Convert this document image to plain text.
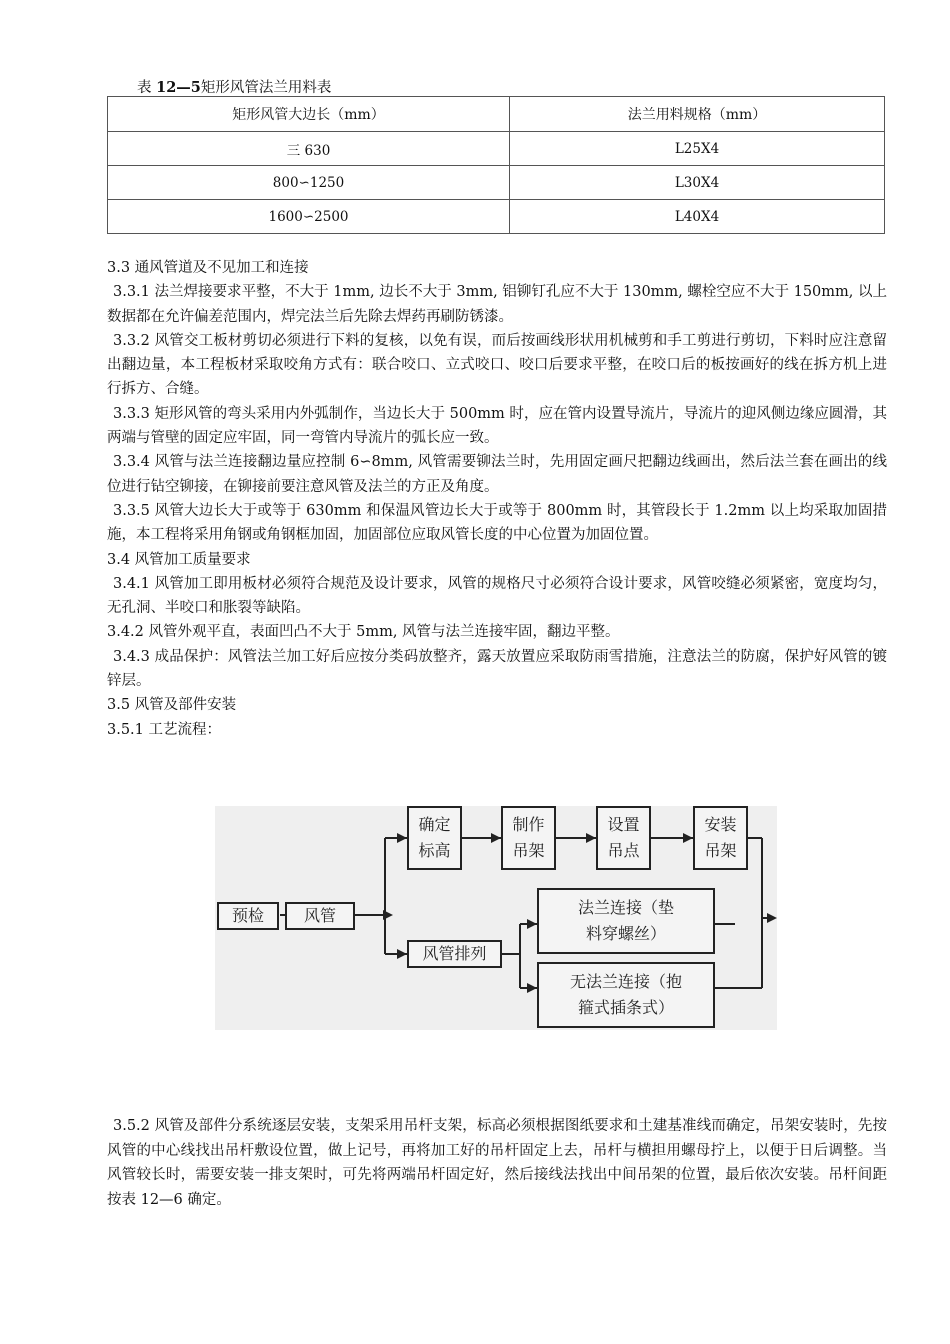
表 12—5矩形风管法兰用料表
矩形风管大边长（mm）	法兰用料规格（mm）
三 630	L25X4
800∽1250	L30X4
1600∽2500	L40X4

3.3 通风管道及不见加工和连接

3.3.1 法兰焊接要求平整，不大于 1mm, 边长不大于 3mm, 铝铆钉孔应不大于 130mm, 螺栓空应不大于 150mm, 以上数据都在允许偏差范围内，焊完法兰后先除去焊药再刷防锈漆。

3.3.2 风管交工板材剪切必须进行下料的复核，以免有误，而后按画线形状用机械剪和手工剪进行剪切，下料时应注意留出翻边量，本工程板材采取咬角方式有：联合咬口、立式咬口、咬口后要求平整，在咬口后的板按画好的线在拆方机上进行拆方、合缝。

3.3.3 矩形风管的弯头采用内外弧制作，当边长大于 500mm 时，应在管内设置导流片，导流片的迎风侧边缘应圆滑，其两端与管壁的固定应牢固，同一弯管内导流片的弧长应一致。

3.3.4 风管与法兰连接翻边量应控制 6∽8mm, 风管需要铆法兰时，先用固定画尺把翻边线画出，然后法兰套在画出的线位进行钻空铆接，在铆接前要注意风管及法兰的方正及角度。

3.3.5 风管大边长大于或等于 630mm 和保温风管边长大于或等于 800mm 时，其管段长于 1.2mm 以上均采取加固措施，本工程将采用角钢或角钢框加固，加固部位应取风管长度的中心位置为加固位置。

3.4 风管加工质量要求

3.4.1 风管加工即用板材必须符合规范及设计要求，风管的规格尺寸必须符合设计要求，风管咬缝必须紧密，宽度均匀，无孔洞、半咬口和胀裂等缺陷。

3.4.2 风管外观平直，表面凹凸不大于 5mm, 风管与法兰连接牢固，翻边平整。

3.4.3 成品保护：风管法兰加工好后应按分类码放整齐，露天放置应采取防雨雪措施，注意法兰的防腐，保护好风管的镀锌层。

3.5 风管及部件安装

3.5.1 工艺流程：

预检 风管
确定
标高
制作
吊架
设置
吊点
安装
吊架
风管排列
法兰连接（垫
料穿螺丝）
无法兰连接（抱
箍式插条式）

3.5.2 风管及部件分系统逐层安装，支架采用吊杆支架，标高必须根据图纸要求和土建基准线而确定，吊架安装时，先按风管的中心线找出吊杆敷设位置，做上记号，再将加工好的吊杆固定上去，吊杆与横担用螺母拧上，以便于日后调整。当风管较长时，需要安装一排支架时，可先将两端吊杆固定好，然后接线法找出中间吊架的位置，最后依次安装。吊杆间距按表 12—6 确定。
